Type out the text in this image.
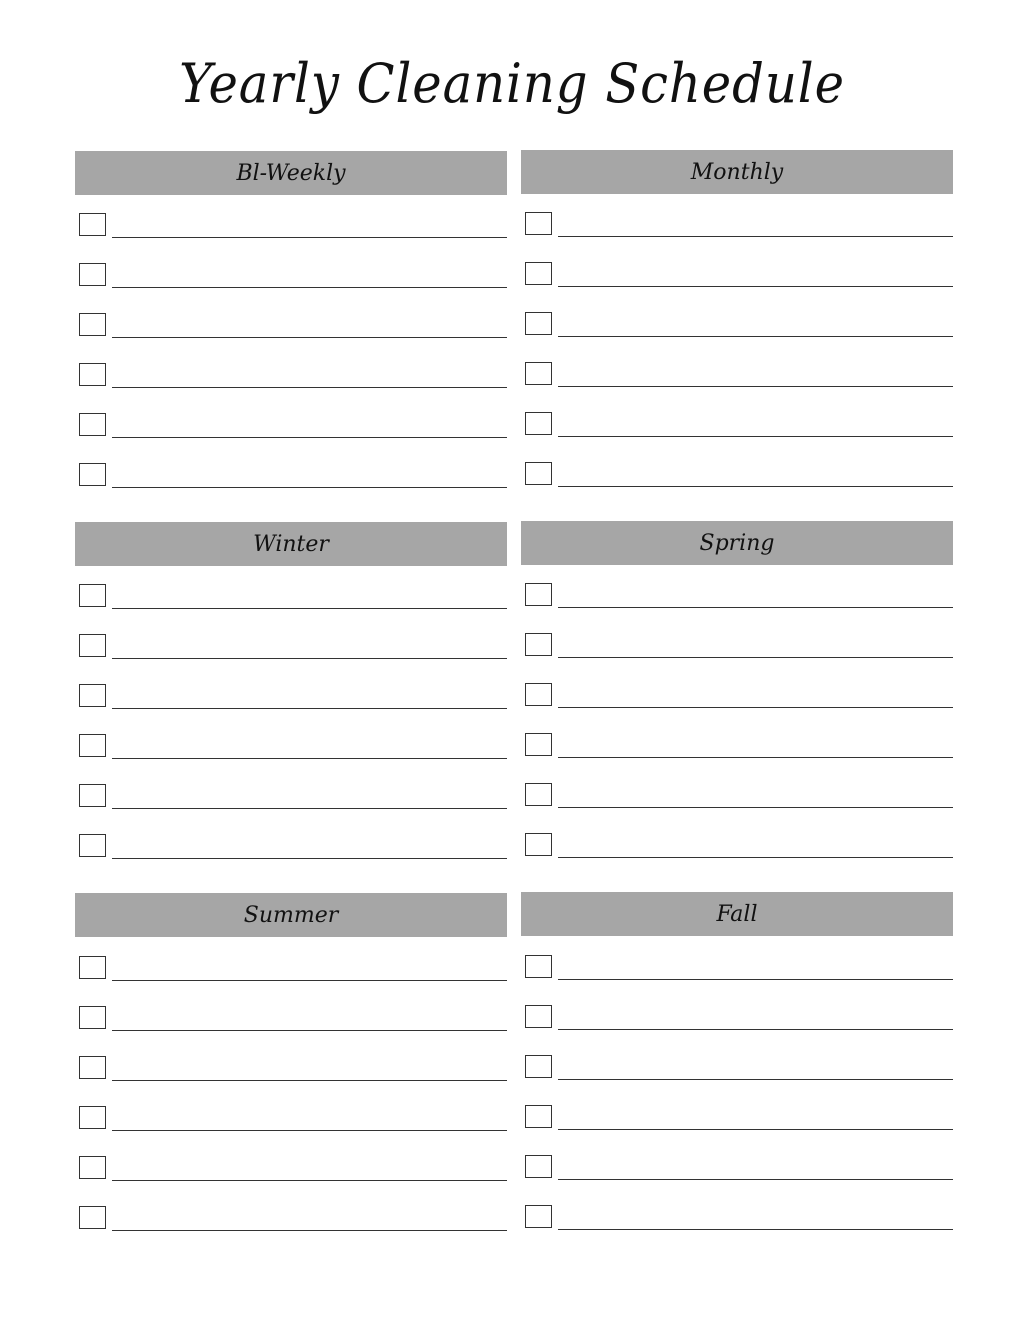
Yearly Cleaning Schedule
Bl-Weekly	Monthly
Winter	Spring
Summer	Fall
